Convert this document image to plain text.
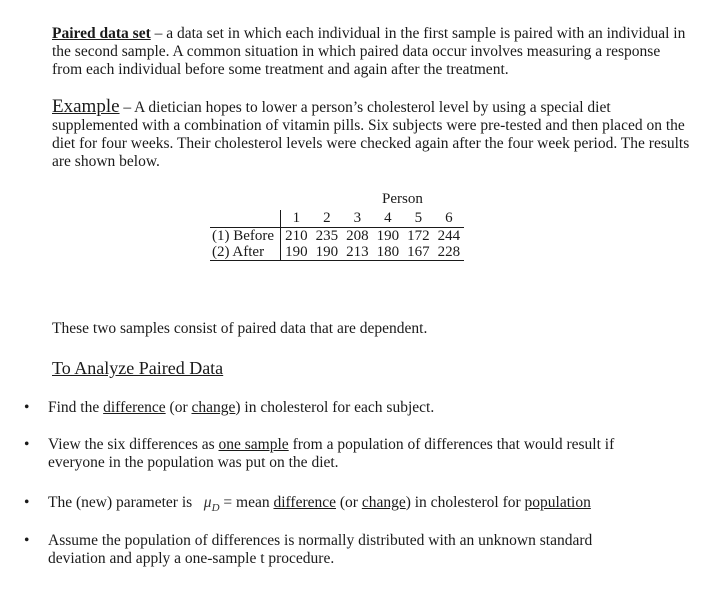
Paired data set – a data set in which each individual in the first sample is paired with an individual in the second sample. A common situation in which paired data occur involves measuring a response from each individual before some treatment and again after the treatment.

Example – A dietician hopes to lower a person’s cholesterol level by using a special diet supplemented with a combination of vitamin pills. Six subjects were pre-tested and then placed on the diet for four weeks. Their cholesterol levels were checked again after the four week period. The results are shown below.

Person
	1	2	3	4	5	6
(1) Before	210	235	208	190	172	244
(2) After	190	190	213	180	167	228

These two samples consist of paired data that are dependent.

To Analyze Paired Data

• Find the difference (or change) in cholesterol for each subject.
• View the six differences as one sample from a population of differences that would result if everyone in the population was put on the diet.
• The (new) parameter is   $\mu_D$ = mean difference (or change) in cholesterol for population
• Assume the population of differences is normally distributed with an unknown standard deviation and apply a one-sample t procedure.
